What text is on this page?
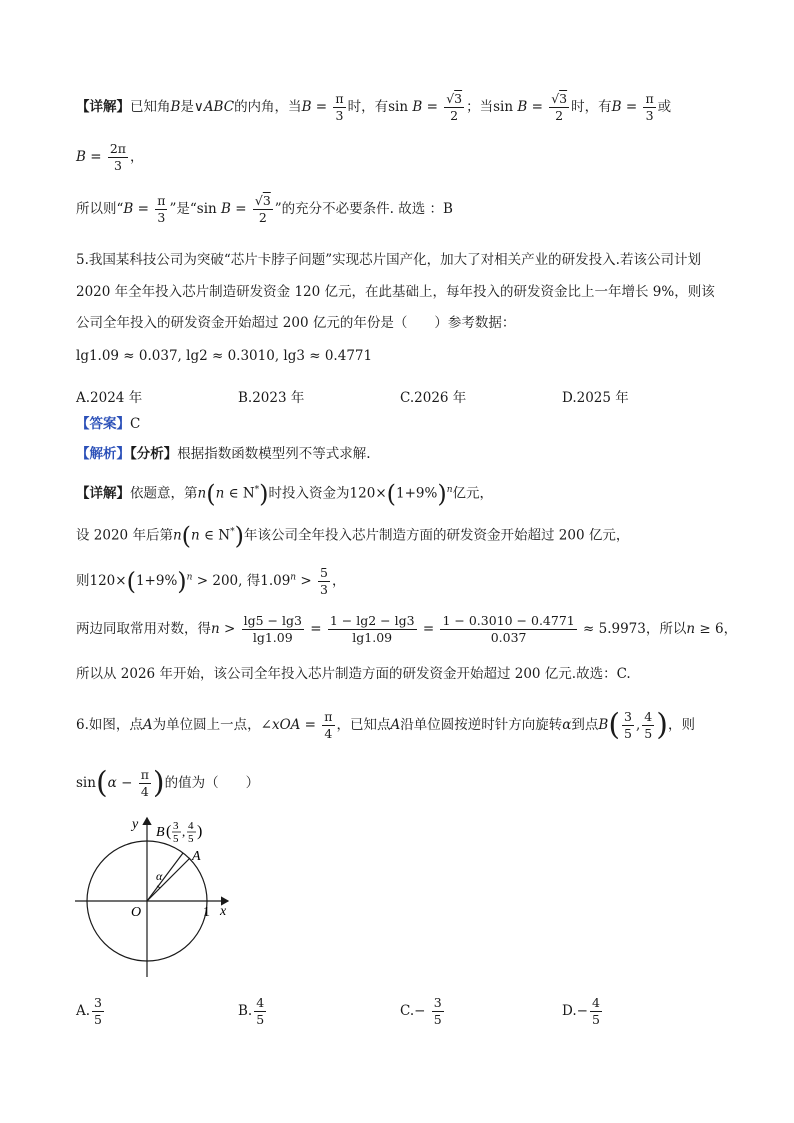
【详解】已知角B是∨ABC的内角，当$B = \frac{\pi}{3}$ 时，有$\sin B = \frac{√3}{2}$ ；当$\sin B = \frac{√3}{2}$ 时，有$B = \frac{\pi}{3}$ 或
$B = \frac{2\pi}{3}$ ，
所以则“$B = \frac{\pi}{3}$ ”是“sin $B = \frac{√3}{2}$ ”的充分不必要条件. 故选 ：B
5.我国某科技公司为突破“芯片卡脖子问题”实现芯片国产化，加大了对相关产业的研发投入.若该公司计划
2020 年全年投入芯片制造研发资金 120 亿元，在此基础上，每年投入的研发资金比上一年增长 9%，则该
公司全年投入的研发资金开始超过 200 亿元的年份是（　　）参考数据：
lg1.09 ≈ 0.037, lg2 ≈ 0.3010, lg3 ≈ 0.4771
A.2024 年	B.2023 年	C.2026 年	D.2025 年
【答案】C
【解析】【分析】根据指数函数模型列不等式求解.
【详解】依题意，第n(n ∈ N*)时投入资金为$120\times(1+9\%)^n$亿元，
设 2020 年后第n(n ∈ N*)年该公司全年投入芯片制造方面的研发资金开始超过 200 亿元，
则$120\times(1+9\%)^n > 200$, 得$1.09^n > \frac{5}{3}$ ，
两边同取常用对数，得$n > \frac{\lg 5 - \lg 3}{\lg 1.09} = \frac{1 - \lg 2 - \lg 3}{\lg 1.09} = \frac{1 - 0.3010 - 0.4771}{0.037} \approx 5.9973$，所以n ≥ 6，
所以从 2026 年开始，该公司全年投入芯片制造方面的研发资金开始超过 200 亿元.故选：C.
6.如图，点A为单位圆上一点，∠xOA = $\frac{\pi}{4}$ ，已知点A沿单位圆按逆时针方向旋转α到点$B( \frac{3}{5}$ , $\frac{4}{5}$ )，则
$\sin(\alpha - \frac{\pi}{4}$ )的值为（　　）
y
x
O	1
A
α
B ( 3
5 , 4
5 )
A. $\frac{3}{5}$	B. $\frac{4}{5}$	$C.- \frac{3}{5}$	$D.- \frac{4}{5}$
